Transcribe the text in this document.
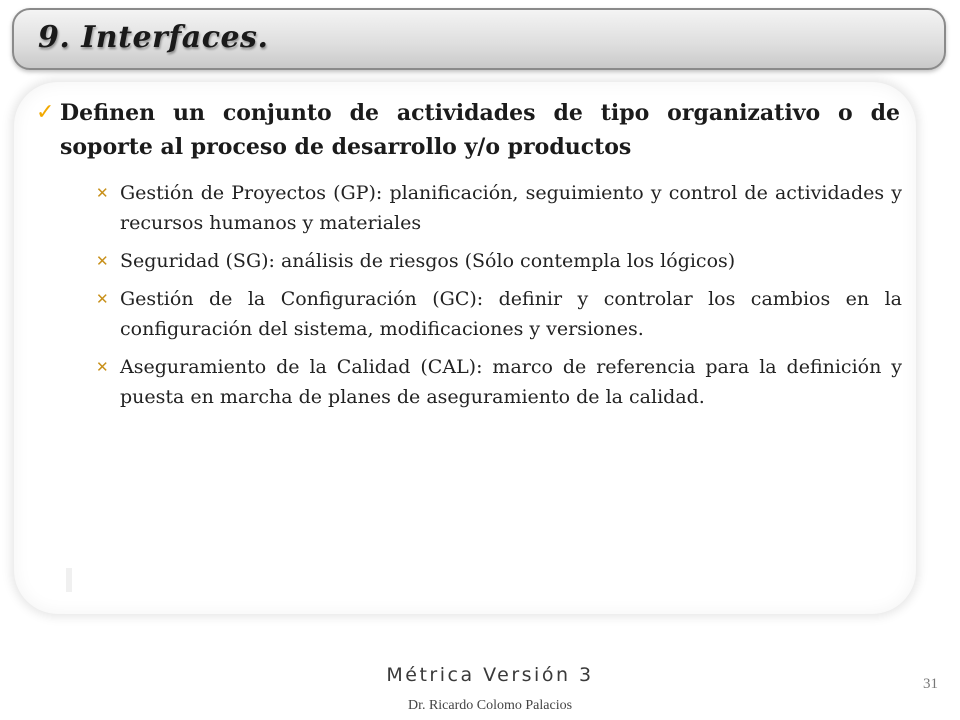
9. Interfaces.
✓ Definen un conjunto de actividades de tipo organizativo o de soporte al proceso de desarrollo y/o productos
✕ Gestión de Proyectos (GP): planificación, seguimiento y control de actividades y recursos humanos y materiales
✕ Seguridad (SG): análisis de riesgos (Sólo contempla los lógicos)
✕ Gestión de la Configuración (GC): definir y controlar los cambios en la configuración del sistema, modificaciones y versiones.
✕ Aseguramiento de la Calidad (CAL): marco de referencia para la definición y puesta en marcha de planes de aseguramiento de la calidad.
Métrica Versión 3
Dr. Ricardo Colomo Palacios
31
